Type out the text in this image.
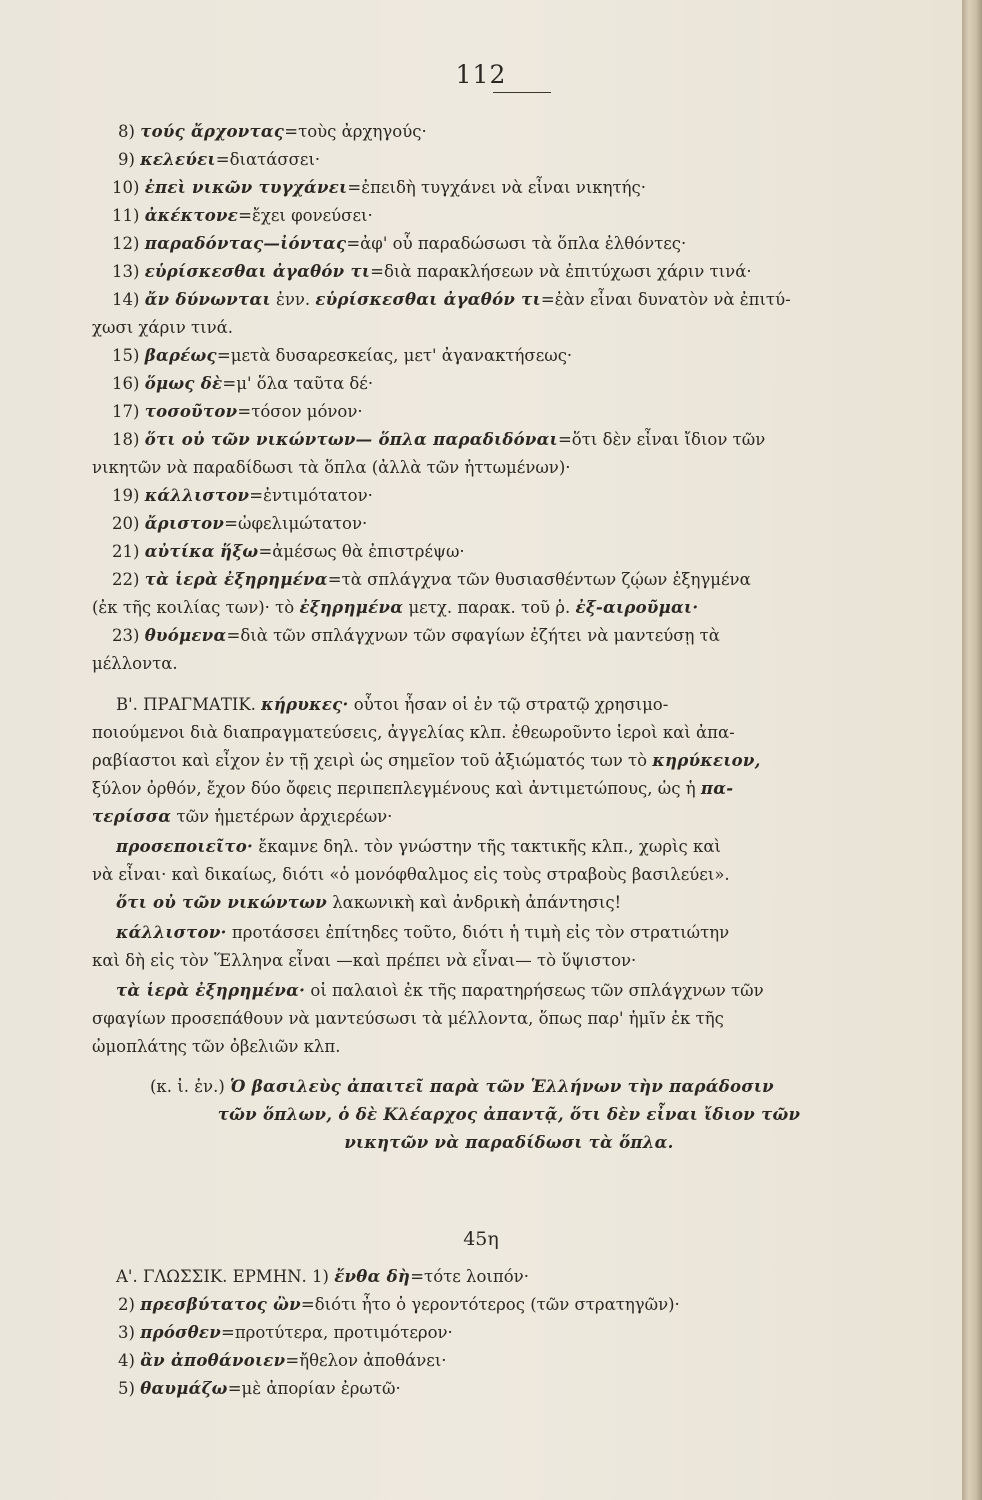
112
8) τούς ἄρχοντας=τοὺς ἀρχηγούς·
9) κελεύει=διατάσσει·
10) ἐπεὶ νικῶν τυγχάνει=ἐπειδὴ τυγχάνει νὰ εἶναι νικητής·
11) ἀκέκτονε=ἔχει φονεύσει·
12) παραδόντας—ἰόντας=ἀφ' οὗ παραδώσωσι τὰ ὅπλα ἐλθόντες·
13) εὑρίσκεσθαι ἀγαθόν τι=διὰ παρακλήσεων νὰ ἐπιτύχωσι χάριν τινά·
14) ἄν δύνωνται ἐνν. εὑρίσκεσθαι ἀγαθόν τι=ἐὰν εἶναι δυνατὸν νὰ ἐπιτύ-
χωσι χάριν τινά.
15) βαρέως=μετὰ δυσαρεσκείας, μετ' ἀγανακτήσεως·
16) ὅμως δὲ=μ' ὅλα ταῦτα δέ·
17) τοσοῦτον=τόσον μόνον·
18) ὅτι οὐ τῶν νικώντων— ὅπλα παραδιδόναι=ὅτι δὲν εἶναι ἴδιον τῶν
νικητῶν νὰ παραδίδωσι τὰ ὅπλα (ἀλλὰ τῶν ἡττωμένων)·
19) κάλλιστον=ἐντιμότατον·
20) ἄριστον=ὠφελιμώτατον·
21) αὐτίκα ἥξω=ἀμέσως θὰ ἐπιστρέψω·
22) τὰ ἱερὰ ἐξηρημένα=τὰ σπλάγχνα τῶν θυσιασθέντων ζῴων ἐξηγμένα
(ἐκ τῆς κοιλίας των)· τὸ ἐξηρημένα μετχ. παρακ. τοῦ ῥ. ἐξ-αιροῦμαι·
23) θυόμενα=διὰ τῶν σπλάγχνων τῶν σφαγίων ἐζήτει νὰ μαντεύσῃ τὰ
μέλλοντα.
Β'. ΠΡΑΓΜΑΤΙΚ. κήρυκες· οὗτοι ἦσαν οἱ ἐν τῷ στρατῷ χρησιμο-
ποιούμενοι διὰ διαπραγματεύσεις, ἀγγελίας κλπ. ἐθεωροῦντο ἱεροὶ καὶ ἀπα-
ραβίαστοι καὶ εἶχον ἐν τῇ χειρὶ ὡς σημεῖον τοῦ ἀξιώματός των τὸ κηρύκειον,
ξύλον ὀρθόν, ἔχον δύο ὄφεις περιπεπλεγμένους καὶ ἀντιμετώπους, ὡς ἡ πα-
τερίσσα τῶν ἡμετέρων ἀρχιερέων·
προσεποιεῖτο· ἔκαμνε δηλ. τὸν γνώστην τῆς τακτικῆς κλπ., χωρὶς καὶ
νὰ εἶναι· καὶ δικαίως, διότι «ὁ μονόφθαλμος εἰς τοὺς στραβοὺς βασιλεύει».
ὅτι οὐ τῶν νικώντων λακωνικὴ καὶ ἀνδρικὴ ἀπάντησις!
κάλλιστον· προτάσσει ἐπίτηδες τοῦτο, διότι ἡ τιμὴ εἰς τὸν στρατιώτην
καὶ δὴ εἰς τὸν Ἕλληνα εἶναι —καὶ πρέπει νὰ εἶναι— τὸ ὕψιστον·
τὰ ἱερὰ ἐξηρημένα· οἱ παλαιοὶ ἐκ τῆς παρατηρήσεως τῶν σπλάγχνων τῶν
σφαγίων προσεπάθουν νὰ μαντεύσωσι τὰ μέλλοντα, ὅπως παρ' ἡμῖν ἐκ τῆς
ὠμοπλάτης τῶν ὀβελιῶν κλπ.
(κ. ἰ. ἐν.) Ὁ βασιλεὺς ἀπαιτεῖ παρὰ τῶν Ἑλλήνων τὴν παράδοσιν
τῶν ὅπλων, ὁ δὲ Κλέαρχος ἀπαντᾷ, ὅτι δὲν εἶναι ἴδιον τῶν
νικητῶν νὰ παραδίδωσι τὰ ὅπλα.
45η
Α'. ΓΛΩΣΣΙΚ. ΕΡΜΗΝ. 1) ἔνθα δὴ=τότε λοιπόν·
2) πρεσβύτατος ὢν=διότι ἦτο ὁ γεροντότερος (τῶν στρατηγῶν)·
3) πρόσθεν=προτύτερα, προτιμότερον·
4) ἂν ἀποθάνοιεν=ἤθελον ἀποθάνει·
5) θαυμάζω=μὲ ἀπορίαν ἐρωτῶ·
